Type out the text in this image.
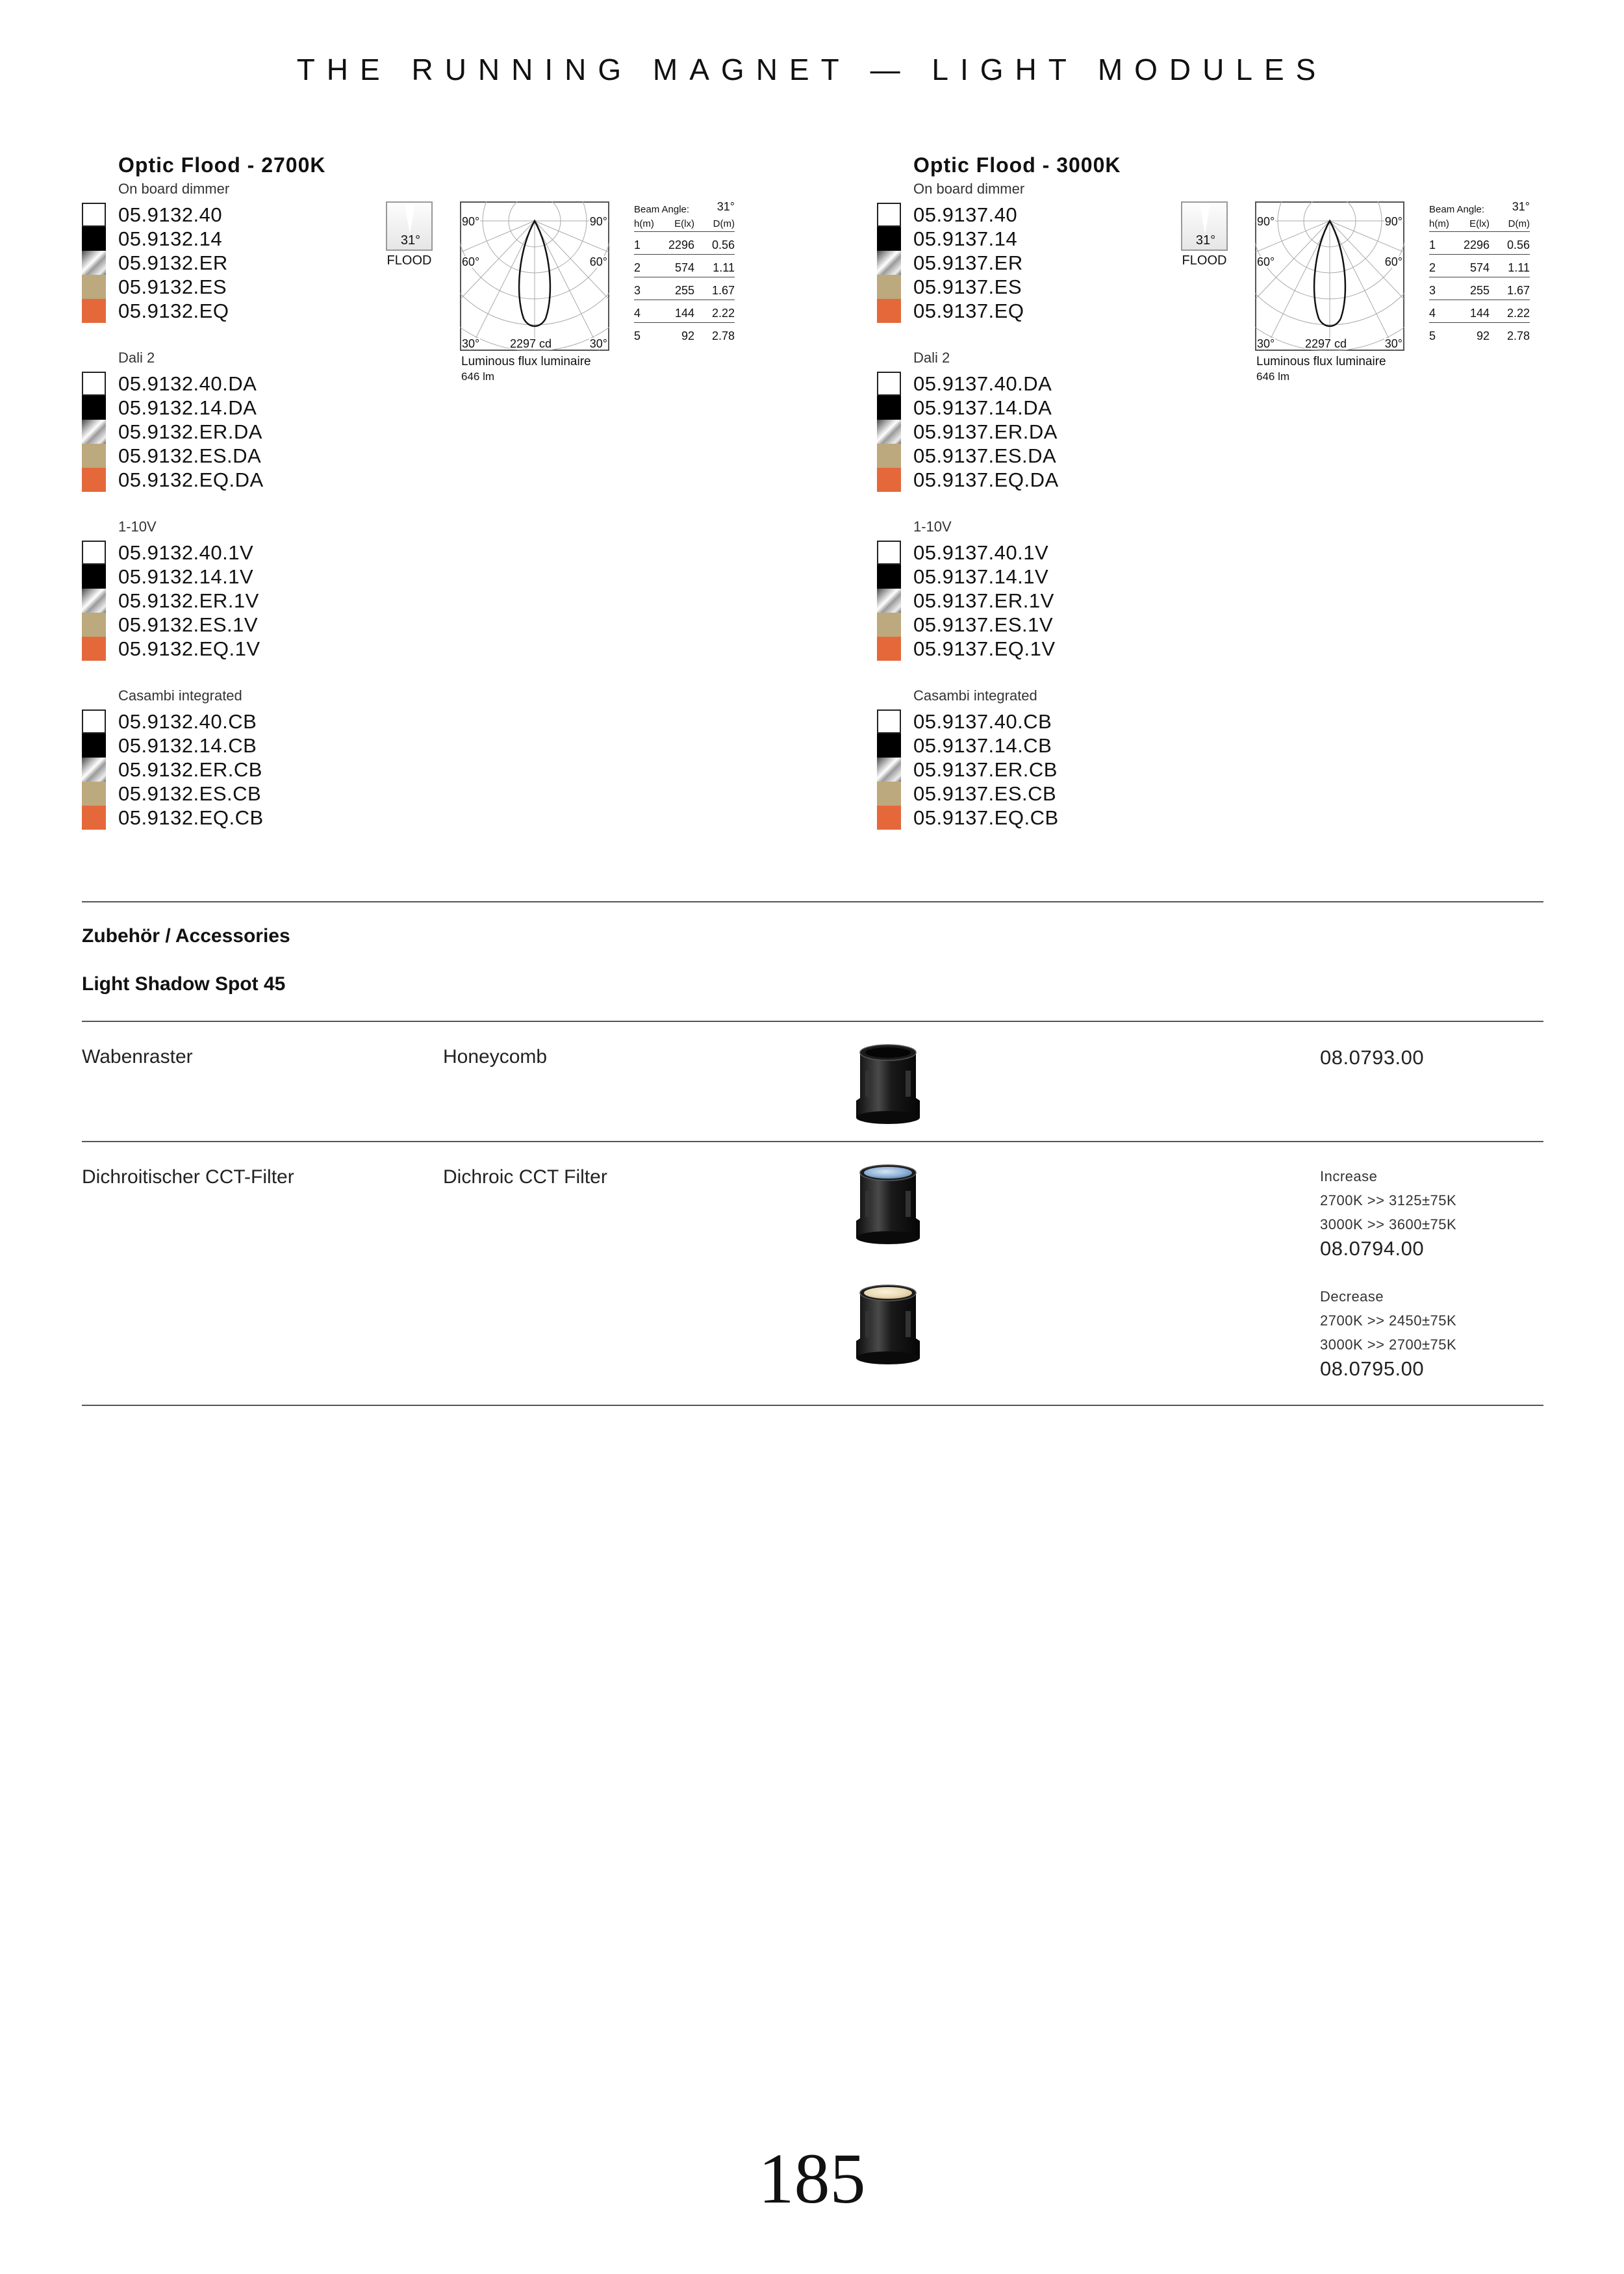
THE RUNNING MAGNET — LIGHT MODULES
Optic Flood - 2700K
On board dimmer
05.9132.40
05.9132.14
05.9132.ER
05.9132.ES
05.9132.EQ
Dali 2
05.9132.40.DA
05.9132.14.DA
05.9132.ER.DA
05.9132.ES.DA
05.9132.EQ.DA
1-10V
05.9132.40.1V
05.9132.14.1V
05.9132.ER.1V
05.9132.ES.1V
05.9132.EQ.1V
Casambi integrated
05.9132.40.CB
05.9132.14.CB
05.9132.ER.CB
05.9132.ES.CB
05.9132.EQ.CB
31°
FLOOD
90°	90°
60°	60°
30°	30°
2297 cd
Luminous flux luminaire
646 lm
Beam Angle: 31°
h(m) E(lx) D(m)
1 2296 0.56
2	574 1.11
3	255 1.67
4	144 2.22
5	92 2.78
Optic Flood - 3000K
On board dimmer
05.9137.40
05.9137.14
05.9137.ER
05.9137.ES
05.9137.EQ
Dali 2
05.9137.40.DA
05.9137.14.DA
05.9137.ER.DA
05.9137.ES.DA
05.9137.EQ.DA
1-10V
05.9137.40.1V
05.9137.14.1V
05.9137.ER.1V
05.9137.ES.1V
05.9137.EQ.1V
Casambi integrated
05.9137.40.CB
05.9137.14.CB
05.9137.ER.CB
05.9137.ES.CB
05.9137.EQ.CB
31°
FLOOD
90°	90°
60°	60°
30°	30°
2297 cd
Luminous flux luminaire
646 lm
Beam Angle: 31°
h(m) E(lx) D(m)
1 2296 0.56
2	574 1.11
3	255 1.67
4	144 2.22
5	92 2.78
Zubehör / Accessories
Light Shadow Spot 45
Wabenraster	Honeycomb	08.0793.00
Dichroitischer CCT-Filter	Dichroic CCT Filter	Increase
2700K >> 3125±75K
3000K >> 3600±75K
08.0794.00
Decrease
2700K >> 2450±75K
3000K >> 2700±75K
08.0795.00
185
